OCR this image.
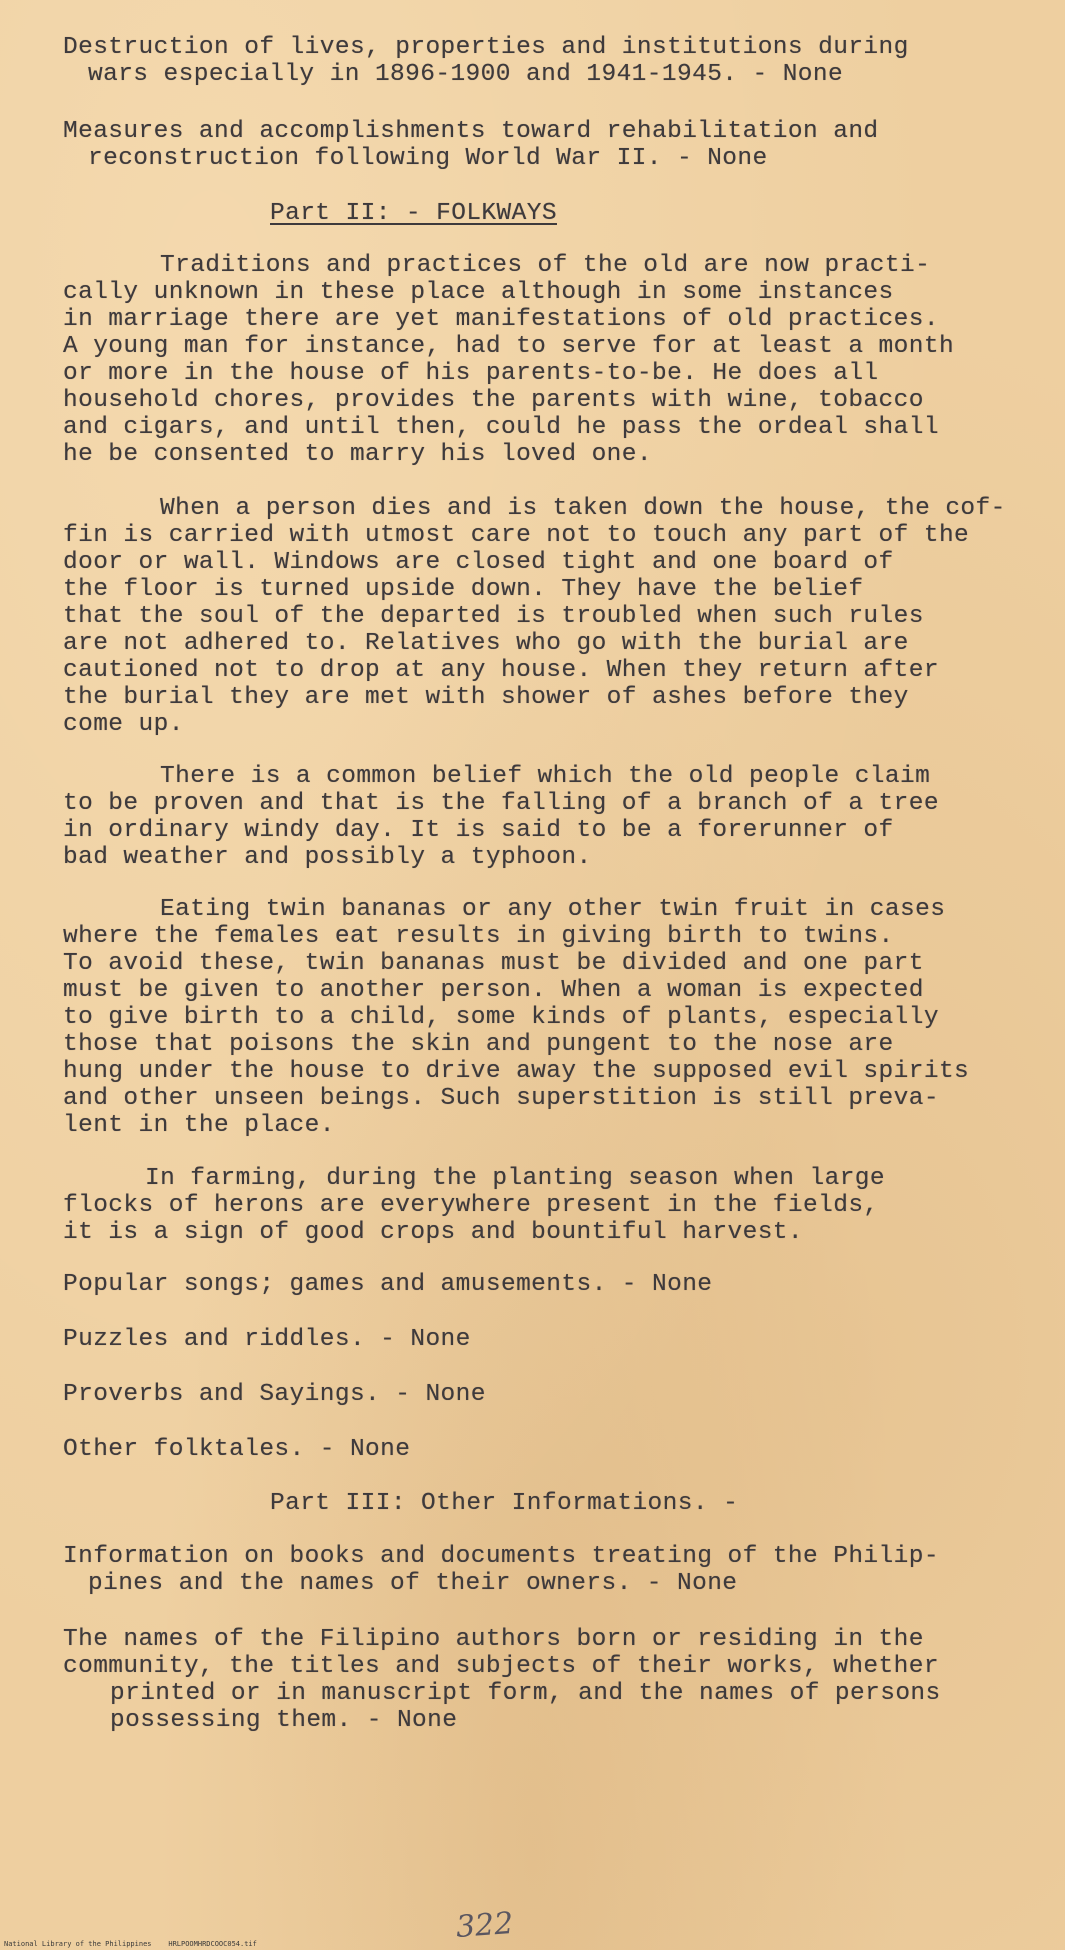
Destruction of lives, properties and institutions during
wars especially in 1896-1900 and 1941-1945. - None
Measures and accomplishments toward rehabilitation and
reconstruction following World War II. - None
Part II: - FOLKWAYS
Traditions and practices of the old are now practi-
cally unknown in these place although in some instances
in marriage there are yet manifestations of old practices.
A young man for instance, had to serve for at least a month
or more in the house of his parents-to-be. He does all
household chores, provides the parents with wine, tobacco
and cigars, and until then, could he pass the ordeal shall
he be consented to marry his loved one.
When a person dies and is taken down the house, the cof-
fin is carried with utmost care not to touch any part of the
door or wall. Windows are closed tight and one board of
the floor is turned upside down. They have the belief
that the soul of the departed is troubled when such rules
are not adhered to. Relatives who go with the burial are
cautioned not to drop at any house. When they return after
the burial they are met with shower of ashes before they
come up.
There is a common belief which the old people claim
to be proven and that is the falling of a branch of a tree
in ordinary windy day. It is said to be a forerunner of
bad weather and possibly a typhoon.
Eating twin bananas or any other twin fruit in cases
where the females eat results in giving birth to twins.
To avoid these, twin bananas must be divided and one part
must be given to another person. When a woman is expected
to give birth to a child, some kinds of plants, especially
those that poisons the skin and pungent to the nose are
hung under the house to drive away the supposed evil spirits
and other unseen beings. Such superstition is still preva-
lent in the place.
In farming, during the planting season when large
flocks of herons are everywhere present in the fields,
it is a sign of good crops and bountiful harvest.
Popular songs; games and amusements. - None
Puzzles and riddles. - None
Proverbs and Sayings. - None
Other folktales. - None
Part III: Other Informations. -
Information on books and documents treating of the Philip-
pines and the names of their owners. - None
The names of the Filipino authors born or residing in the
community, the titles and subjects of their works, whether
printed or in manuscript form, and the names of persons
possessing them. - None
322
National Library of the Philippines    HRLPOOMHRDCOOC054.tif
